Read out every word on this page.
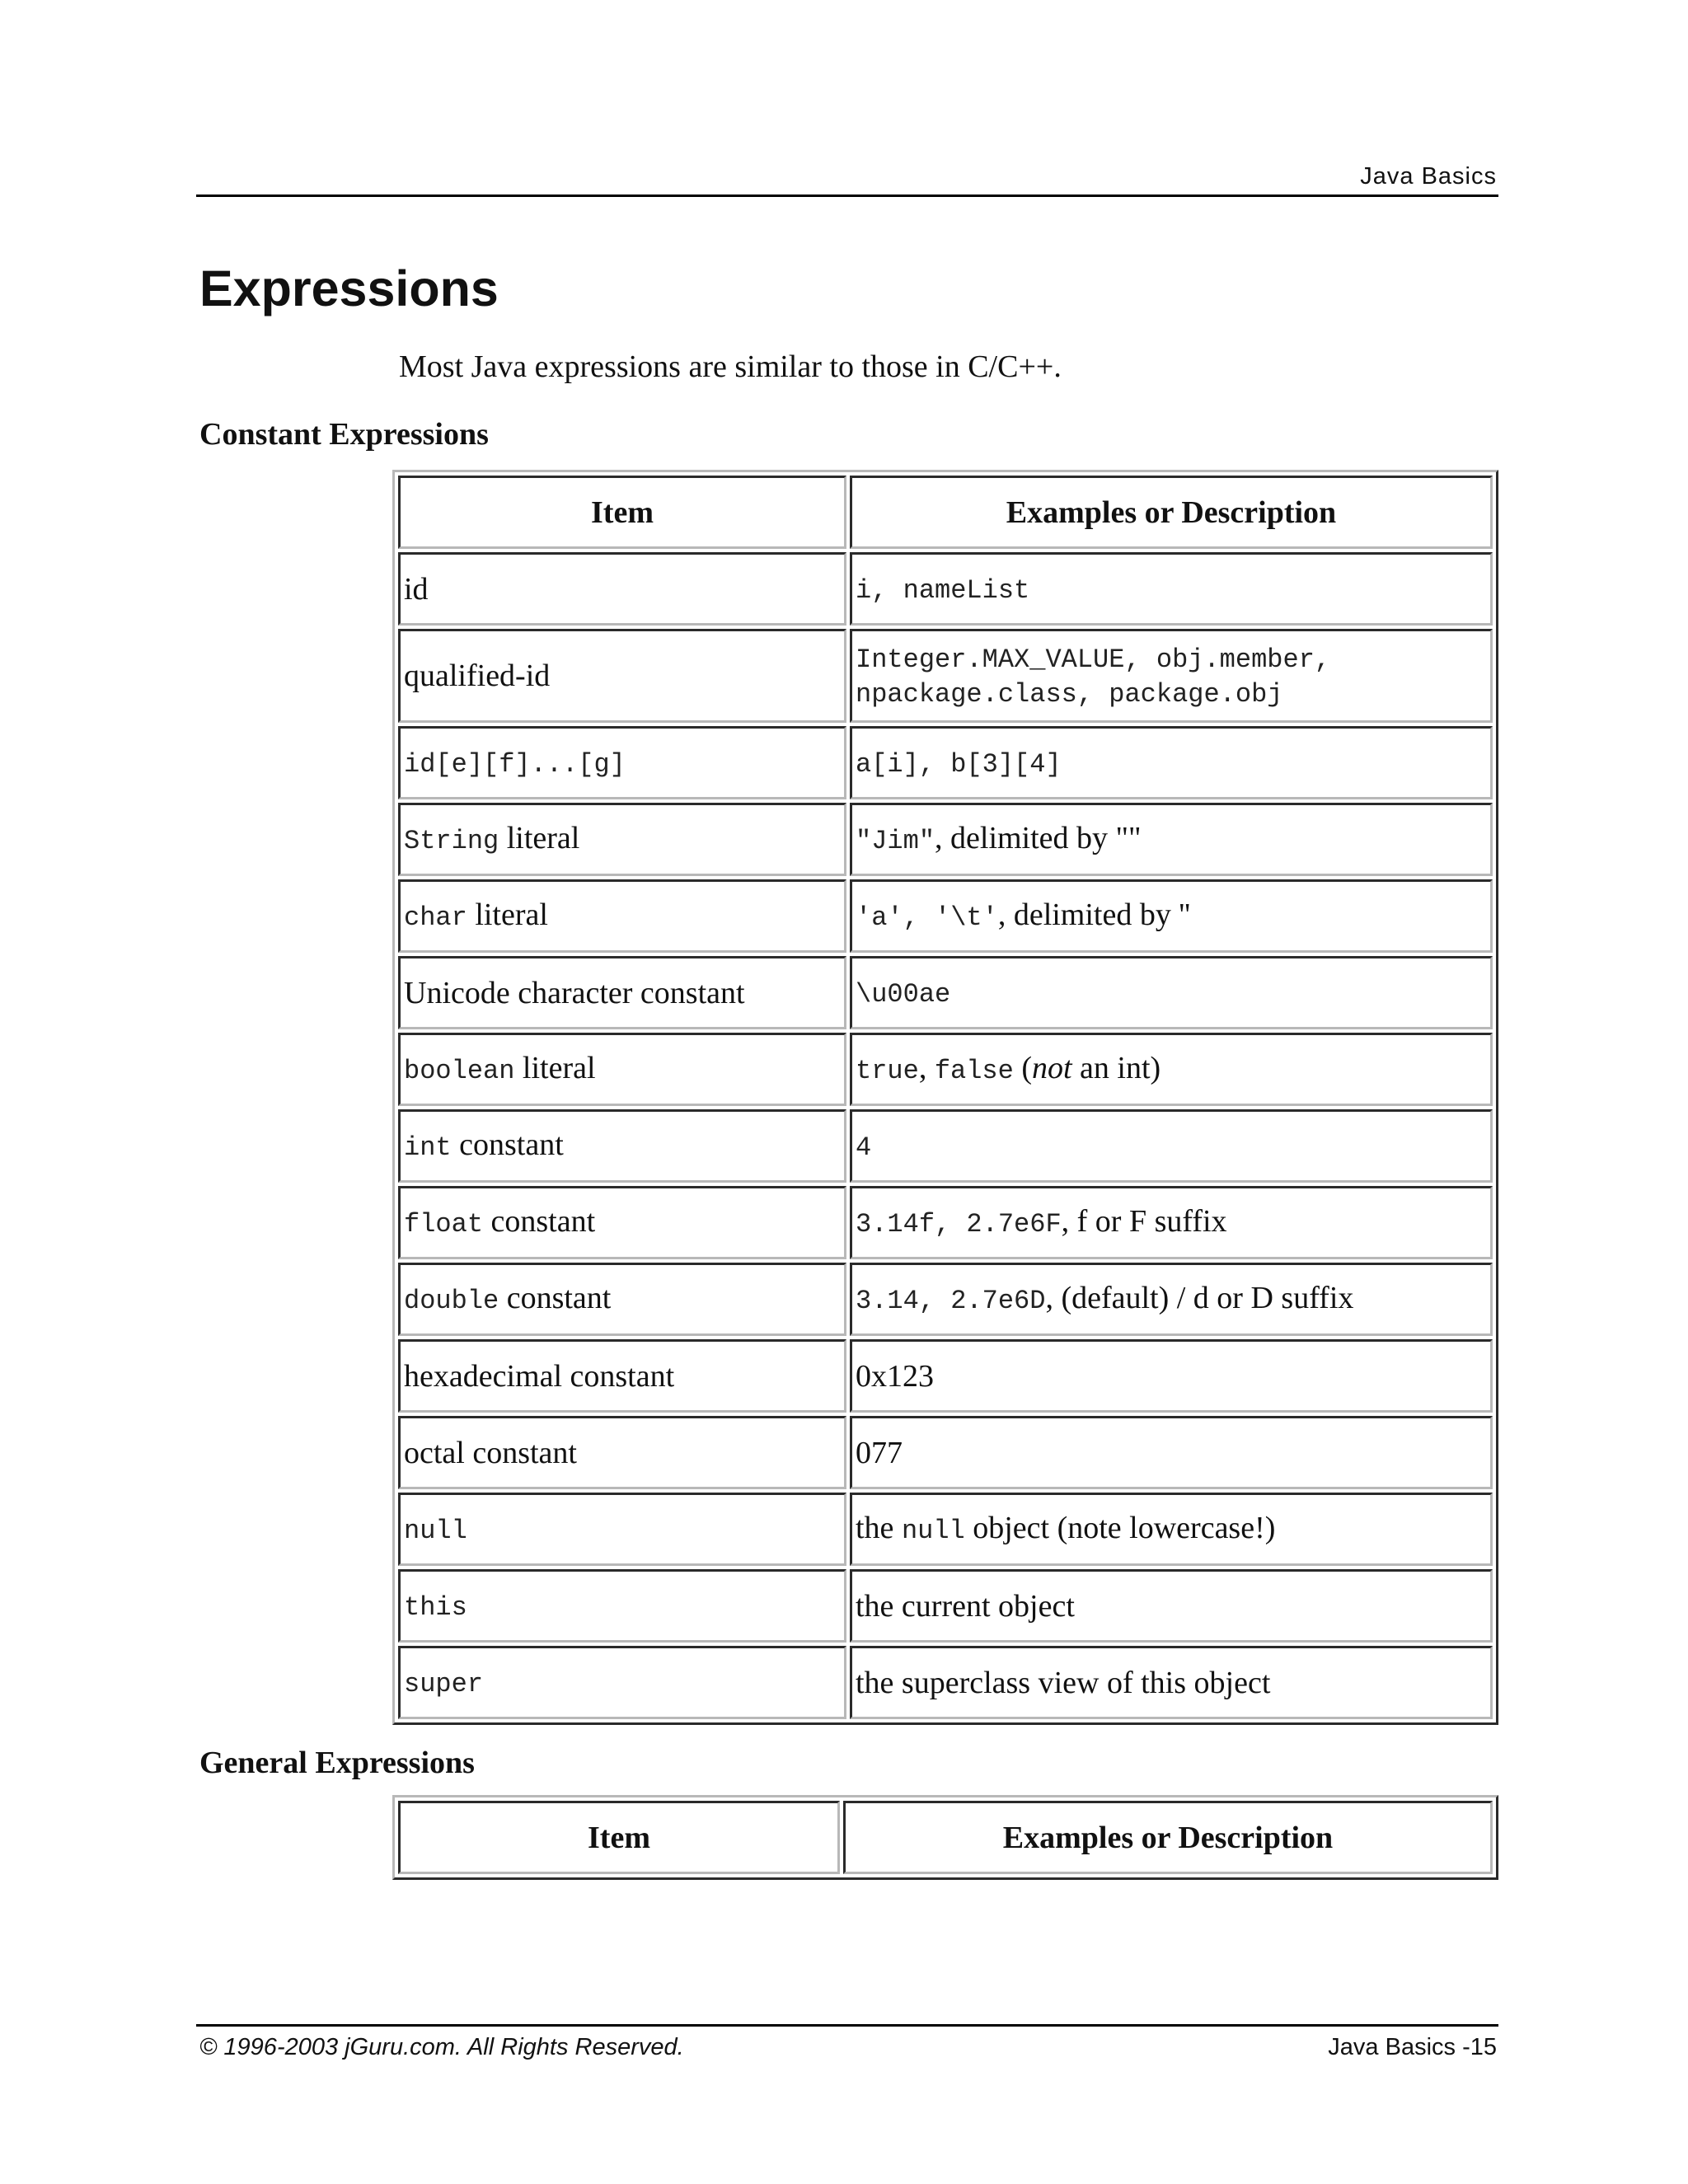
Java Basics
Expressions
Most Java expressions are similar to those in C/C++.
Constant Expressions
Item	Examples or Description
id	i, nameList
qualified-id	Integer.MAX_VALUE, obj.member,
npackage.class, package.obj
id[e][f]...[g]	a[i], b[3][4]
String literal	"Jim", delimited by ""
char literal	'a', '\t', delimited by ''
Unicode character constant	\u00ae
boolean literal	true, false (not an int)
int constant	4
float constant	3.14f, 2.7e6F, f or F suffix
double constant	3.14, 2.7e6D, (default) / d or D suffix
hexadecimal constant	0x123
octal constant	077
null	the null object (note lowercase!)
this	the current object
super	the superclass view of this object
General Expressions
Item	Examples or Description
© 1996-2003 jGuru.com. All Rights Reserved.	Java Basics -15
